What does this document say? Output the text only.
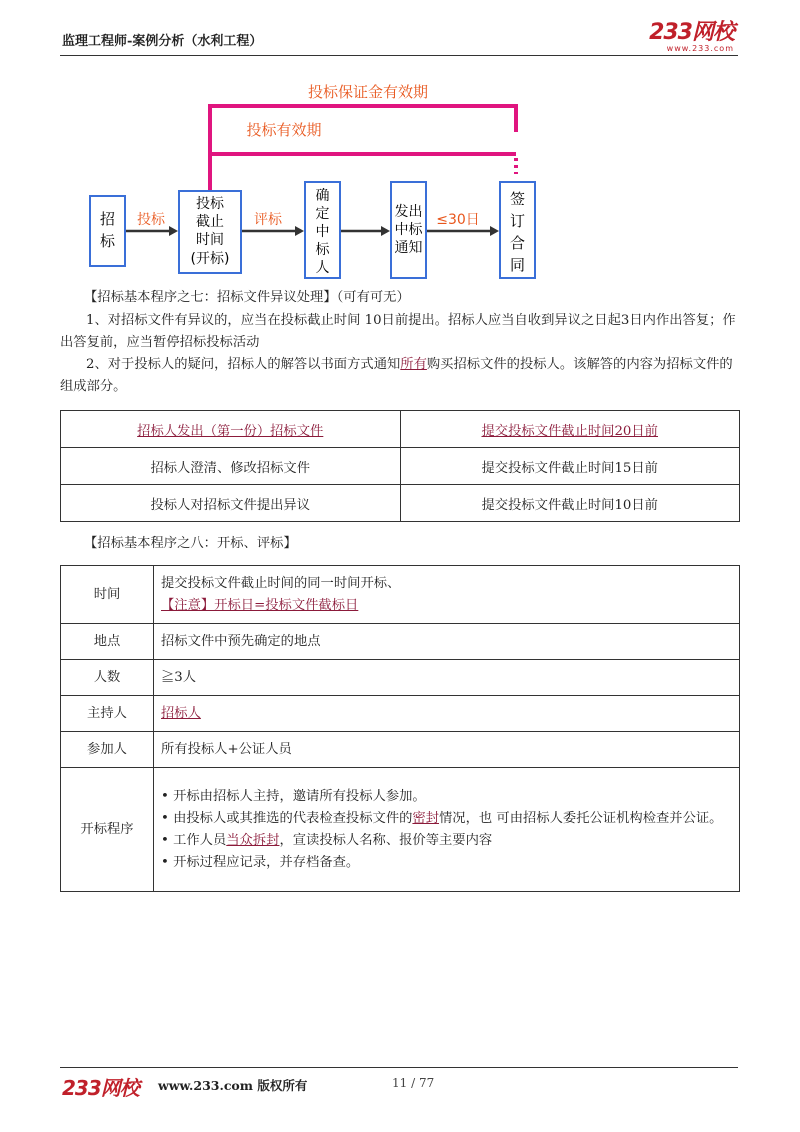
监理工程师-案例分析（水利工程）	233网校
www.233.com
投标保证金有效期
投标有效期
招
标
投标
截止
时间
(开标)
确
定
中
标
人
发出
中标
通知
签
订
合
同
投标	评标	≤30日
【招标基本程序之七：招标文件异议处理】（可有可无）
1、对招标文件有异议的，应当在投标截止时间 10日前提出。招标人应当自收到异议之日起3日内作出答复；作出答复前，应当暂停招标投标活动
2、对于投标人的疑问，招标人的解答以书面方式通知所有购买招标文件的投标人。该解答的内容为招标文件的组成部分。
招标人发出（第一份）招标文件	提交投标文件截止时间20日前
招标人澄清、修改招标文件	提交投标文件截止时间15日前
投标人对招标文件提出异议	提交投标文件截止时间10日前
【招标基本程序之八：开标、评标】
时间	提交投标文件截止时间的同一时间开标、
【注意】开标日=投标文件截标日

地点	招标文件中预先确定的地点
人数	≧3人
主持人	招标人
参加人	所有投标人+公证人员
开标程序	• 开标由招标人主持，邀请所有投标人参加。
• 由投标人或其推选的代表检查投标文件的密封情况，也 可由招标人委托公证机构检查并公证。
• 工作人员当众拆封，宣读投标人名称、报价等主要内容
• 开标过程应记录，并存档备查。
233网校 www.233.com 版权所有	11 / 77
